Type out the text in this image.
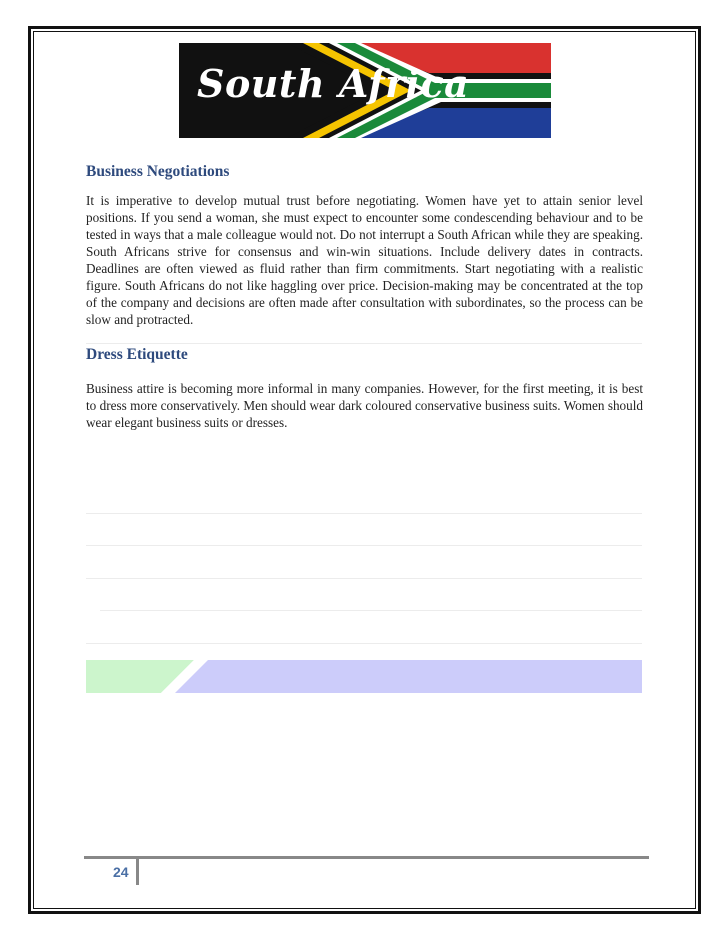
South Africa
Business Negotiations

It is imperative to develop mutual trust before negotiating. Women have yet to attain senior level positions. If you send a woman, she must expect to encounter some condescending behaviour and to be tested in ways that a male colleague would not. Do not interrupt a South African while they are speaking. South Africans strive for consensus and win-win situations. Include delivery dates in contracts. Deadlines are often viewed as fluid rather than firm commitments. Start negotiating with a realistic figure. South Africans do not like haggling over price. Decision-making may be concentrated at the top of the company and decisions are often made after consultation with subordinates, so the process can be slow and protracted.

Dress Etiquette

Business attire is becoming more informal in many companies. However, for the first meeting, it is best to dress more conservatively. Men should wear dark coloured conservative business suits. Women should wear elegant business suits or dresses.

24
